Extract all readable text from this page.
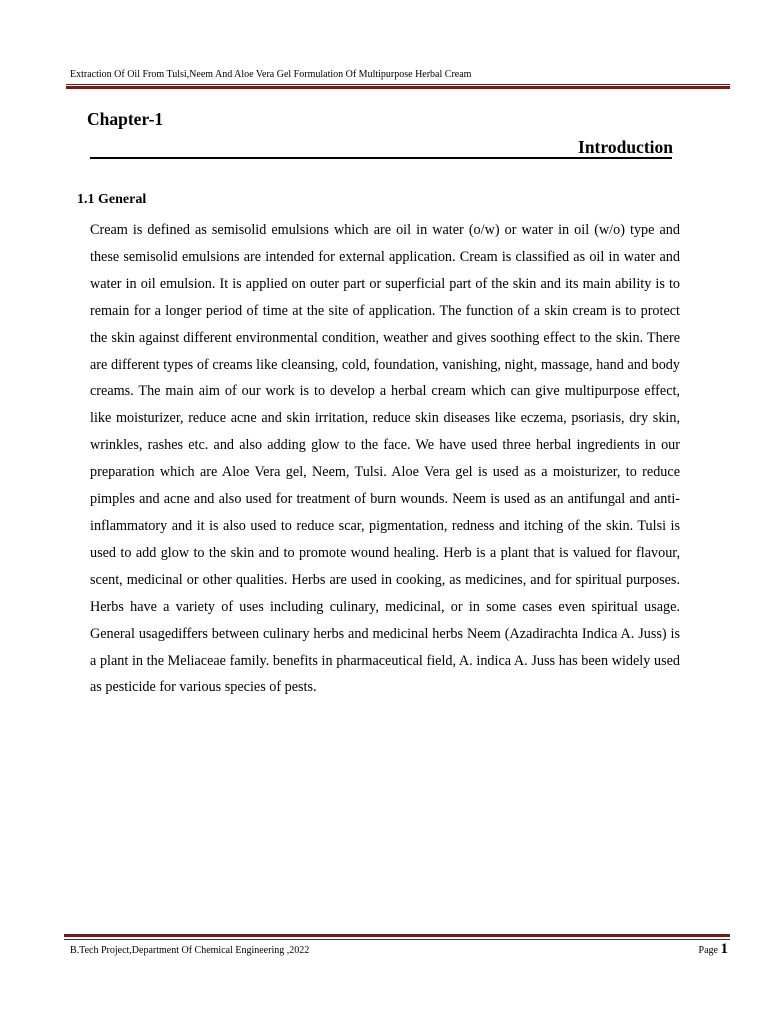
Extraction Of Oil From Tulsi,Neem And Aloe Vera Gel Formulation Of Multipurpose Herbal Cream
Chapter-1
Introduction
1.1 General

Cream is defined as semisolid emulsions which are oil in water (o/w) or water in oil (w/o) type and these semisolid emulsions are intended for external application. Cream is classified as oil in water and water in oil emulsion. It is applied on outer part or superficial part of the skin and its main ability is to remain for a longer period of time at the site of application. The function of a skin cream is to protect the skin against different environmental condition, weather and gives soothing effect to the skin. There are different types of creams like cleansing, cold, foundation, vanishing, night, massage, hand and body creams. The main aim of our work is to develop a herbal cream which can give multipurpose effect, like moisturizer, reduce acne and skin irritation, reduce skin diseases like eczema, psoriasis, dry skin, wrinkles, rashes etc. and also adding glow to the face. We have used three herbal ingredients in our preparation which are Aloe Vera gel, Neem, Tulsi. Aloe Vera gel is used as a moisturizer, to reduce pimples and acne and also used for treatment of burn wounds. Neem is used as an antifungal and anti-inflammatory and it is also used to reduce scar, pigmentation, redness and itching of the skin. Tulsi is used to add glow to the skin and to promote wound healing. Herb is a plant that is valued for flavour, scent, medicinal or other qualities. Herbs are used in cooking, as medicines, and for spiritual purposes. Herbs have a variety of uses including culinary, medicinal, or in some cases even spiritual usage. General usagediffers between culinary herbs and medicinal herbs Neem (Azadirachta Indica A. Juss) is a plant in the Meliaceae family. benefits in pharmaceutical field, A. indica A. Juss has been widely used as pesticide for various species of pests.

B.Tech Project,Department Of Chemical Engineering ,2022	Page 1
